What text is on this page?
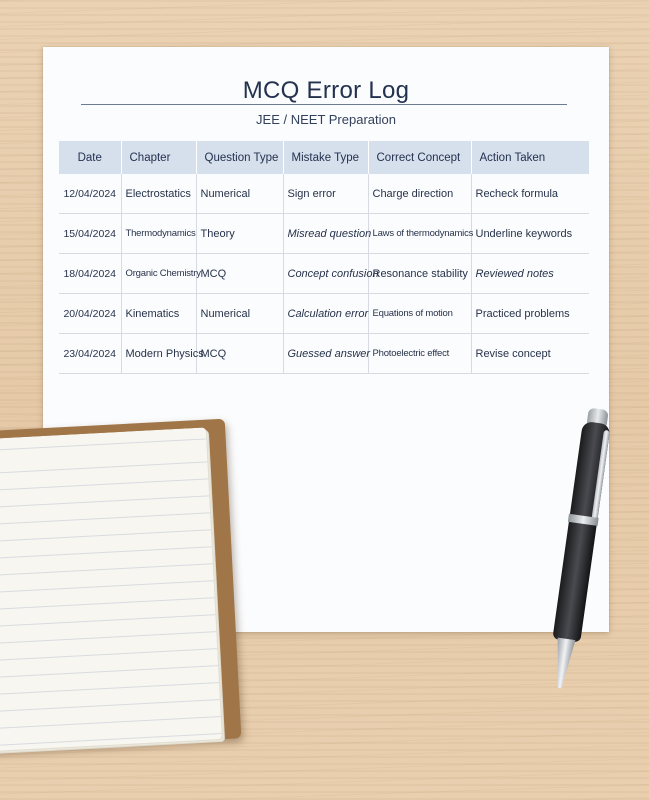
MCQ Error Log
JEE / NEET Preparation
Date	Chapter	Question Type	Mistake Type	Correct Concept	Action Taken
12/04/2024	Electrostatics	Numerical	Sign error	Charge direction	Recheck formula
15/04/2024	Thermodynamics	Theory	Misread question	Laws of thermodynamics	Underline keywords
18/04/2024	Organic Chemistry	MCQ	Concept confusion	Resonance stability	Reviewed notes
20/04/2024	Kinematics	Numerical	Calculation error	Equations of motion	Practiced problems
23/04/2024	Modern Physics	MCQ	Guessed answer	Photoelectric effect	Revise concept
